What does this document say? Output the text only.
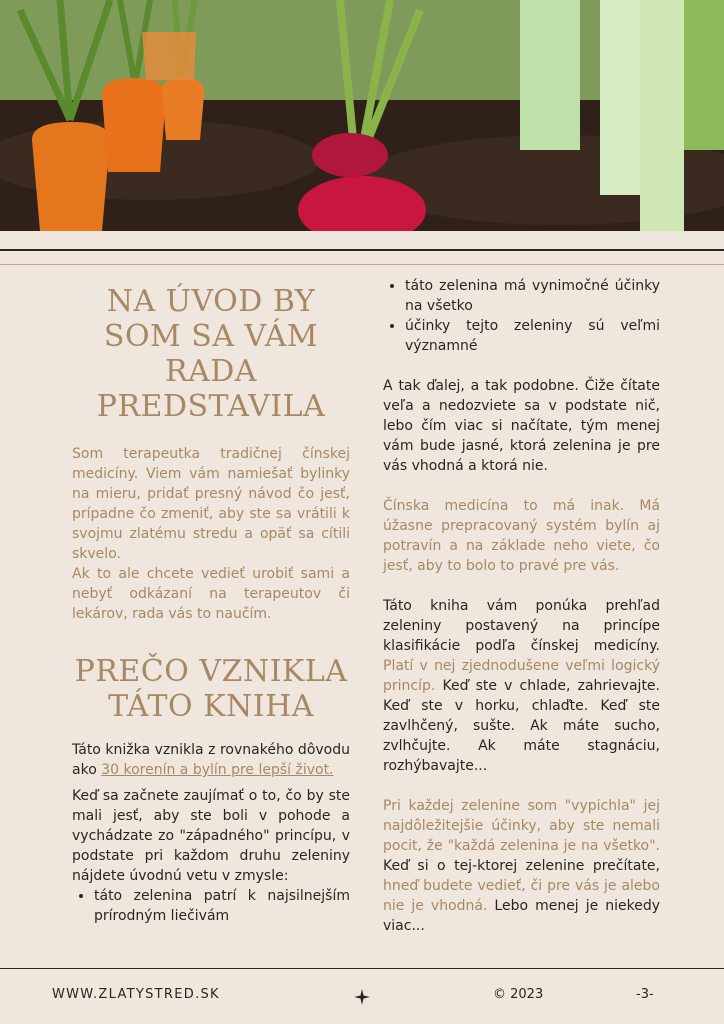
NA ÚVOD BY SOM SA VÁM RADA PREDSTAVILA

Som terapeutka tradičnej čínskej medicíny. Viem vám namiešať bylinky na mieru, pridať presný návod čo jesť, prípadne čo zmeniť, aby ste sa vrátili k svojmu zlatému stredu a opäť sa cítili skvelo.

Ak to ale chcete vedieť urobiť sami a nebyť odkázaní na terapeutov či lekárov, rada vás to naučím.

PREČO VZNIKLA TÁTO KNIHA

Táto knižka vznikla z rovnakého dôvodu ako 30 korenín a bylín pre lepší život.

Keď sa začnete zaujímať o to, čo by ste mali jesť, aby ste boli v pohode a vychádzate zo "západného" princípu, v podstate pri každom druhu zeleniny nájdete úvodnú vetu v zmysle:

• táto zelenina patrí k najsilnejším prírodným liečivám
• táto zelenina má vynimočné účinky na všetko
• účinky tejto zeleniny sú veľmi významné

A tak ďalej, a tak podobne. Čiže čítate veľa a nedozviete sa v podstate nič, lebo čím viac si načítate, tým menej vám bude jasné, ktorá zelenina je pre vás vhodná a ktorá nie.

Čínska medicína to má inak. Má úžasne prepracovaný systém bylín aj potravín a na základe neho viete, čo jesť, aby to bolo to pravé pre vás.

Táto kniha vám ponúka prehľad zeleniny postavený na princípe klasifikácie podľa čínskej medicíny. Platí v nej zjednodušene veľmi logický princíp. Keď ste v chlade, zahrievajte. Keď ste v horku, chlaďte. Keď ste zavlhčený, sušte. Ak máte sucho, zvlhčujte. Ak máte stagnáciu, rozhýbavajte...

Pri každej zelenine som "vypichla" jej najdôležitejšie účinky, aby ste nemali pocit, že "každá zelenina je na všetko". Keď si o tej-ktorej zelenine prečítate, hneď budete vedieť, či pre vás je alebo nie je vhodná. Lebo menej je niekedy viac...

WWW.ZLATYSTRED.SK	© 2023	-3-
